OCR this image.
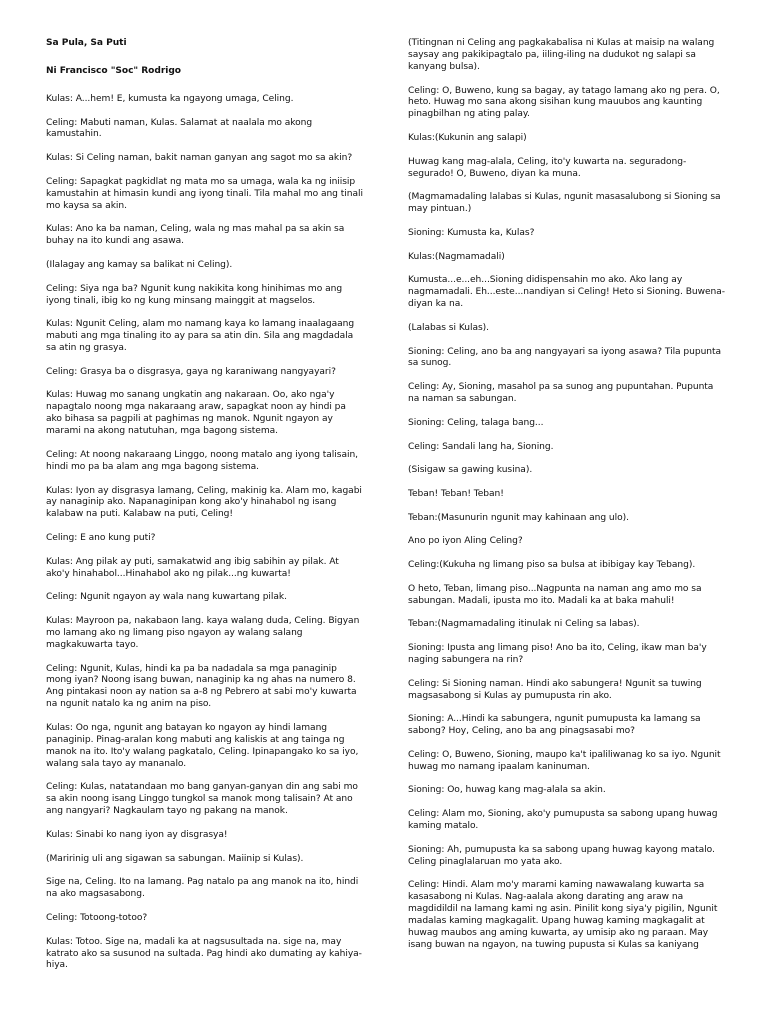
Sa Pula, Sa Puti

Ni Francisco "Soc" Rodrigo

Kulas: A...hem! E, kumusta ka ngayong umaga, Celing.

Celing: Mabuti naman, Kulas. Salamat at naalala mo akong kamustahin.

Kulas: Si Celing naman, bakit naman ganyan ang sagot mo sa akin?

Celing: Sapagkat pagkidlat ng mata mo sa umaga, wala ka ng iniisip kamustahin at himasin kundi ang iyong tinali. Tila mahal mo ang tinali mo kaysa sa akin.

Kulas: Ano ka ba naman, Celing, wala ng mas mahal pa sa akin sa buhay na ito kundi ang asawa.

(Ilalagay ang kamay sa balikat ni Celing).

Celing: Siya nga ba? Ngunit kung nakikita kong hinihimas mo ang iyong tinali, ibig ko ng kung minsang mainggit at magselos.

Kulas: Ngunit Celing, alam mo namang kaya ko lamang inaalagaang mabuti ang mga tinaling ito ay para sa atin din. Sila ang magdadala sa atin ng grasya.

Celing: Grasya ba o disgrasya, gaya ng karaniwang nangyayari?

Kulas: Huwag mo sanang ungkatin ang nakaraan. Oo, ako nga'y napagtalo noong mga nakaraang araw, sapagkat noon ay hindi pa ako bihasa sa pagpili at paghimas ng manok. Ngunit ngayon ay marami na akong natutuhan, mga bagong sistema.

Celing: At noong nakaraang Linggo, noong matalo ang iyong talisain, hindi mo pa ba alam ang mga bagong sistema.

Kulas: Iyon ay disgrasya lamang, Celing, makinig ka. Alam mo, kagabi ay nanaginip ako. Napanaginipan kong ako'y hinahabol ng isang kalabaw na puti. Kalabaw na puti, Celing!

Celing: E ano kung puti?

Kulas: Ang pilak ay puti, samakatwid ang ibig sabihin ay pilak. At ako'y hinahabol...Hinahabol ako ng pilak...ng kuwarta!

Celing: Ngunit ngayon ay wala nang kuwartang pilak.

Kulas: Mayroon pa, nakabaon lang. kaya walang duda, Celing. Bigyan mo lamang ako ng limang piso ngayon ay walang salang magkakuwarta tayo.

Celing: Ngunit, Kulas, hindi ka pa ba nadadala sa mga panaginip mong iyan? Noong isang buwan, nanaginip ka ng ahas na numero 8. Ang pintakasi noon ay nation sa a-8 ng Pebrero at sabi mo'y kuwarta na ngunit natalo ka ng anim na piso.

Kulas: Oo nga, ngunit ang batayan ko ngayon ay hindi lamang panaginip. Pinag-aralan kong mabuti ang kaliskis at ang tainga ng manok na ito. Ito'y walang pagkatalo, Celing. Ipinapangako ko sa iyo, walang sala tayo ay mananalo.

Celing: Kulas, natatandaan mo bang ganyan-ganyan din ang sabi mo sa akin noong isang Linggo tungkol sa manok mong talisain? At ano ang nangyari? Nagkaulam tayo ng pakang na manok.

Kulas: Sinabi ko nang iyon ay disgrasya!

(Maririnig uli ang sigawan sa sabungan. Maiinip si Kulas).

Sige na, Celing. Ito na lamang. Pag natalo pa ang manok na ito, hindi na ako magsasabong.

Celing: Totoong-totoo?

Kulas: Totoo. Sige na, madali ka at nagsusultada na. sige na, may katrato ako sa susunod na sultada. Pag hindi ako dumating ay kahiya-hiya.

(Titingnan ni Celing ang pagkakabalisa ni Kulas at maisip na walang saysay ang pakikipagtalo pa, iiling-iling na dudukot ng salapi sa kanyang bulsa).

Celing: O, Buweno, kung sa bagay, ay tatago lamang ako ng pera. O, heto. Huwag mo sana akong sisihan kung mauubos ang kaunting pinagbilhan ng ating palay.

Kulas:(Kukunin ang salapi)

Huwag kang mag-alala, Celing, ito'y kuwarta na. seguradong-segurado! O, Buweno, diyan ka muna.

(Magmamadaling lalabas si Kulas, ngunit masasalubong si Sioning sa may pintuan.)

Sioning: Kumusta ka, Kulas?

Kulas:(Nagmamadali)

Kumusta...e...eh...Sioning didispensahin mo ako. Ako lang ay nagmamadali. Eh...este...nandiyan si Celing! Heto si Sioning. Buwena-diyan ka na.

(Lalabas si Kulas).

Sioning: Celing, ano ba ang nangyayari sa iyong asawa? Tila pupunta sa sunog.

Celing: Ay, Sioning, masahol pa sa sunog ang pupuntahan. Pupunta na naman sa sabungan.

Sioning: Celing, talaga bang...

Celing: Sandali lang ha, Sioning.

(Sisigaw sa gawing kusina).

Teban! Teban! Teban!

Teban:(Masunurin ngunit may kahinaan ang ulo).

Ano po iyon Aling Celing?

Celing:(Kukuha ng limang piso sa bulsa at ibibigay kay Tebang).

O heto, Teban, limang piso...Nagpunta na naman ang amo mo sa sabungan. Madali, ipusta mo ito. Madali ka at baka mahuli!

Teban:(Nagmamadaling itinulak ni Celing sa labas).

Sioning: Ipusta ang limang piso! Ano ba ito, Celing, ikaw man ba'y naging sabungera na rin?

Celing: Si Sioning naman. Hindi ako sabungera! Ngunit sa tuwing magsasabong si Kulas ay pumupusta rin ako.

Sioning: A...Hindi ka sabungera, ngunit pumupusta ka lamang sa sabong? Hoy, Celing, ano ba ang pinagsasabi mo?

Celing: O, Buweno, Sioning, maupo ka't ipaliliwanag ko sa iyo. Ngunit huwag mo namang ipaalam kaninuman.

Sioning: Oo, huwag kang mag-alala sa akin.

Celing: Alam mo, Sioning, ako'y pumupusta sa sabong upang huwag kaming matalo.

Sioning: Ah, pumupusta ka sa sabong upang huwag kayong matalo. Celing pinaglalaruan mo yata ako.

Celing: Hindi. Alam mo'y marami kaming nawawalang kuwarta sa kasasabong ni Kulas. Nag-aalala akong darating ang araw na magdidildil na lamang kami ng asin. Pinilit kong siya'y pigilin, Ngunit madalas kaming magkagalit. Upang huwag kaming magkagalit at huwag maubos ang aming kuwarta, ay umisip ako ng paraan. May isang buwan na ngayon, na tuwing pupusta si Kulas sa kaniyang
